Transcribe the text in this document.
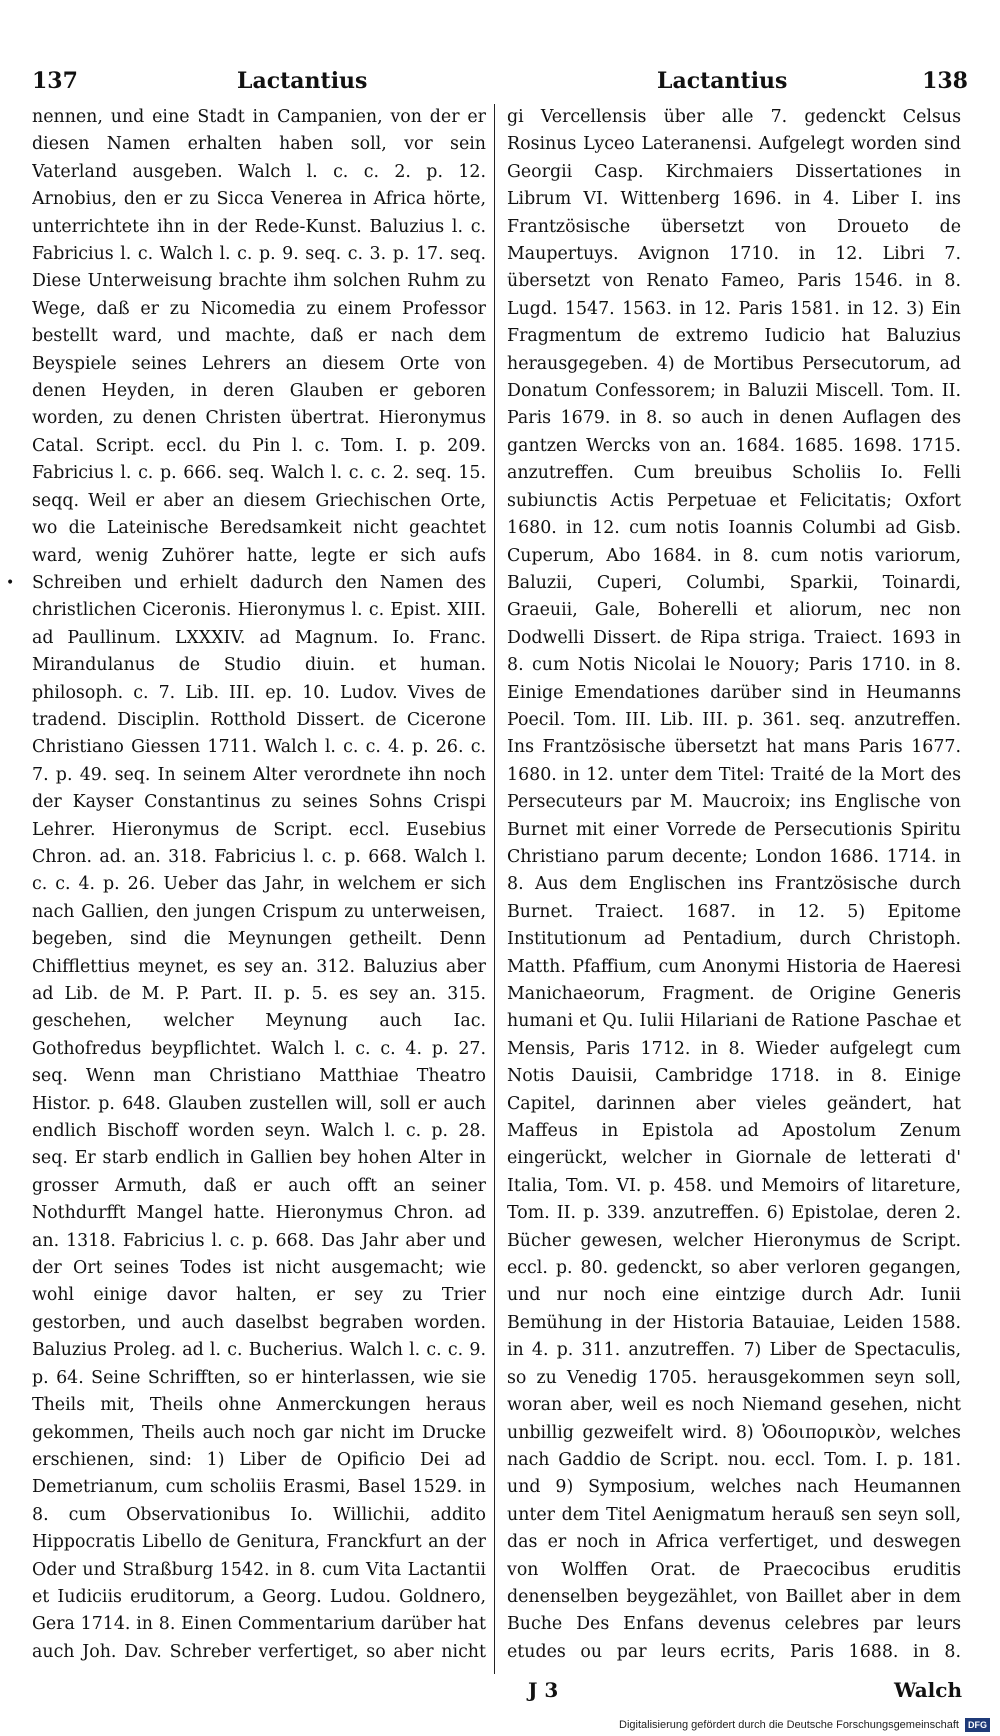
137	Lactantius	Lactantius	138
•

nennen, und eine Stadt in Campanien, von der er diesen Namen erhalten haben soll, vor sein Vaterland ausgeben. Walch l. c. c. 2. p. 12. Arnobius, den er zu Sicca Venerea in Africa hörte, unterrichtete ihn in der Rede-Kunst. Baluzius l. c. Fabricius l. c. Walch l. c. p. 9. seq. c. 3. p. 17. seq. Diese Unterweisung brachte ihm solchen Ruhm zu Wege, daß er zu Nicomedia zu einem Professor bestellt ward, und machte, daß er nach dem Beyspiele seines Lehrers an diesem Orte von denen Heyden, in deren Glauben er geboren worden, zu denen Christen übertrat. Hieronymus Catal. Script. eccl. du Pin l. c. Tom. I. p. 209. Fabricius l. c. p. 666. seq. Walch l. c. c. 2. seq. 15. seqq. Weil er aber an diesem Griechischen Orte, wo die Lateinische Beredsamkeit nicht geachtet ward, wenig Zuhörer hatte, legte er sich aufs Schreiben und erhielt dadurch den Namen des christlichen Ciceronis. Hieronymus l. c. Epist. XIII. ad Paullinum. LXXXIV. ad Magnum. Io. Franc. Mirandulanus de Studio diuin. et human. philosoph. c. 7. Lib. III. ep. 10. Ludov. Vives de tradend. Disciplin. Rotthold Dissert. de Cicerone Christiano Giessen 1711. Walch l. c. c. 4. p. 26. c. 7. p. 49. seq. In seinem Alter verordnete ihn noch der Kayser Constantinus zu seines Sohns Crispi Lehrer. Hieronymus de Script. eccl. Eusebius Chron. ad. an. 318. Fabricius l. c. p. 668. Walch l. c. c. 4. p. 26. Ueber das Jahr, in welchem er sich nach Gallien, den jungen Crispum zu unterweisen, begeben, sind die Meynungen getheilt. Denn Chifflettius meynet, es sey an. 312. Baluzius aber ad Lib. de M. P. Part. II. p. 5. es sey an. 315. geschehen, welcher Meynung auch Iac. Gothofredus beypflichtet. Walch l. c. c. 4. p. 27. seq. Wenn man Christiano Matthiae Theatro Histor. p. 648. Glauben zustellen will, soll er auch endlich Bischoff worden seyn. Walch l. c. p. 28. seq. Er starb endlich in Gallien bey hohen Alter in grosser Armuth, daß er auch offt an seiner Nothdurfft Mangel hatte. Hieronymus Chron. ad an. 1318. Fabricius l. c. p. 668. Das Jahr aber und der Ort seines Todes ist nicht ausgemacht; wie wohl einige davor halten, er sey zu Trier gestorben, und auch daselbst begraben worden. Baluzius Proleg. ad l. c. Bucherius. Walch l. c. c. 9. p. 64. Seine Schrifften, so er hinterlassen, wie sie Theils mit, Theils ohne Anmerckungen heraus gekommen, Theils auch noch gar nicht im Drucke erschienen, sind: 1) Liber de Opificio Dei ad Demetrianum, cum scholiis Erasmi, Basel 1529. in 8. cum Observationibus Io. Willichii, addito Hippocratis Libello de Genitura, Franckfurt an der Oder und Straßburg 1542. in 8. cum Vita Lactantii et Iudiciis eruditorum, a Georg. Ludou. Goldnero, Gera 1714. in 8. Einen Commentarium darüber hat auch Joh. Dav. Schreber verfertiget, so aber nicht

gi Vercellensis über alle 7. gedenckt Celsus Rosinus Lyceo Lateranensi. Aufgelegt worden sind Georgii Casp. Kirchmaiers Dissertationes in Librum VI. Wittenberg 1696. in 4. Liber I. ins Frantzösische übersetzt von Droueto de Maupertuys. Avignon 1710. in 12. Libri 7. übersetzt von Renato Fameo, Paris 1546. in 8. Lugd. 1547. 1563. in 12. Paris 1581. in 12. 3) Ein Fragmentum de extremo Iudicio hat Baluzius herausgegeben. 4) de Mortibus Persecutorum, ad Donatum Confessorem; in Baluzii Miscell. Tom. II. Paris 1679. in 8. so auch in denen Auflagen des gantzen Wercks von an. 1684. 1685. 1698. 1715. anzutreffen. Cum breuibus Scholiis Io. Felli subiunctis Actis Perpetuae et Felicitatis; Oxfort 1680. in 12. cum notis Ioannis Columbi ad Gisb. Cuperum, Abo 1684. in 8. cum notis variorum, Baluzii, Cuperi, Columbi, Sparkii, Toinardi, Graeuii, Gale, Boherelli et aliorum, nec non Dodwelli Dissert. de Ripa striga. Traiect. 1693 in 8. cum Notis Nicolai le Nouory; Paris 1710. in 8. Einige Emendationes darüber sind in Heumanns Poecil. Tom. III. Lib. III. p. 361. seq. anzutreffen. Ins Frantzösische übersetzt hat mans Paris 1677. 1680. in 12. unter dem Titel: Traité de la Mort des Persecuteurs par M. Maucroix; ins Englische von Burnet mit einer Vorrede de Persecutionis Spiritu Christiano parum decente; London 1686. 1714. in 8. Aus dem Englischen ins Frantzösische durch Burnet. Traiect. 1687. in 12. 5) Epitome Institutionum ad Pentadium, durch Christoph. Matth. Pfaffium, cum Anonymi Historia de Haeresi Manichaeorum, Fragment. de Origine Generis humani et Qu. Iulii Hilariani de Ratione Paschae et Mensis, Paris 1712. in 8. Wieder aufgelegt cum Notis Dauisii, Cambridge 1718. in 8. Einige Capitel, darinnen aber vieles geändert, hat Maffeus in Epistola ad Apostolum Zenum eingerückt, welcher in Giornale de letterati d' Italia, Tom. VI. p. 458. und Memoirs of litareture, Tom. II. p. 339. anzutreffen. 6) Epistolae, deren 2. Bücher gewesen, welcher Hieronymus de Script. eccl. p. 80. gedenckt, so aber verloren gegangen, und nur noch eine eintzige durch Adr. Iunii Bemühung in der Historia Batauiae, Leiden 1588. in 4. p. 311. anzutreffen. 7) Liber de Spectaculis, so zu Venedig 1705. herausgekommen seyn soll, woran aber, weil es noch Niemand gesehen, nicht unbillig gezweifelt wird. 8) Ὁδοιπορικὸν, welches nach Gaddio de Script. nou. eccl. Tom. I. p. 181. und 9) Symposium, welches nach Heumannen unter dem Titel Aenigmatum herauß sen seyn soll, das er noch in Africa verfertiget, und deswegen von Wolffen Orat. de Praecocibus eruditis denenselben beygezählet, von Baillet aber in dem Buche Des Enfans devenus celebres par leurs etudes ou par leurs ecrits, Paris 1688. in 8.

J 3	Walch
Digitalisierung gefördert durch die Deutsche Forschungsgemeinschaft	DFG
